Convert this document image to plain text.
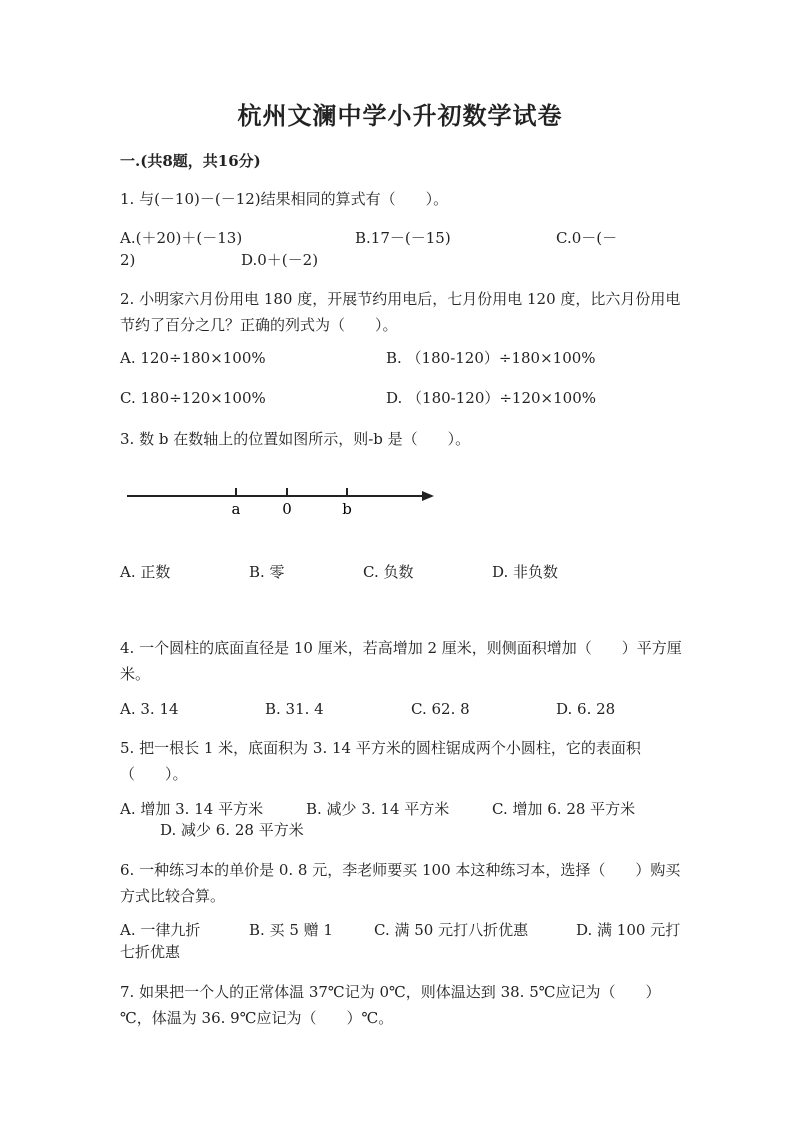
杭州文澜中学小升初数学试卷
一.(共8题，共16分)
1. 与(－10)－(－12)结果相同的算式有（　　）。
A.(＋20)＋(－13)	B.17－(－15)	C.0－(－
2)	D.0＋(－2)
2. 小明家六月份用电 180 度，开展节约用电后，七月份用电 120 度，比六月份用电节约了百分之几？正确的列式为（　　）。
A. 120÷180×100%	B. （180-120）÷180×100%
C. 180÷120×100%	D. （180-120）÷120×100%
3. 数 b 在数轴上的位置如图所示，则-b 是（　　）。
a	0	b
A. 正数	B. 零	C. 负数	D. 非负数
4. 一个圆柱的底面直径是 10 厘米，若高增加 2 厘米，则侧面积增加（　　）平方厘米。
A. 3. 14	B. 31. 4	C. 62. 8	D. 6. 28
5. 把一根长 1 米，底面积为 3. 14 平方米的圆柱锯成两个小圆柱，它的表面积（　　）。
A. 增加 3. 14 平方米	B. 减少 3. 14 平方米	C. 增加 6. 28 平方米
D. 减少 6. 28 平方米
6. 一种练习本的单价是 0. 8 元，李老师要买 100 本这种练习本，选择（　　）购买方式比较合算。
A. 一律九折	B. 买 5 赠 1	C. 满 50 元打八折优惠	D. 满 100 元打
七折优惠
7. 如果把一个人的正常体温 37℃记为 0℃，则体温达到 38. 5℃应记为（　　）℃，体温为 36. 9℃应记为（　　）℃。
